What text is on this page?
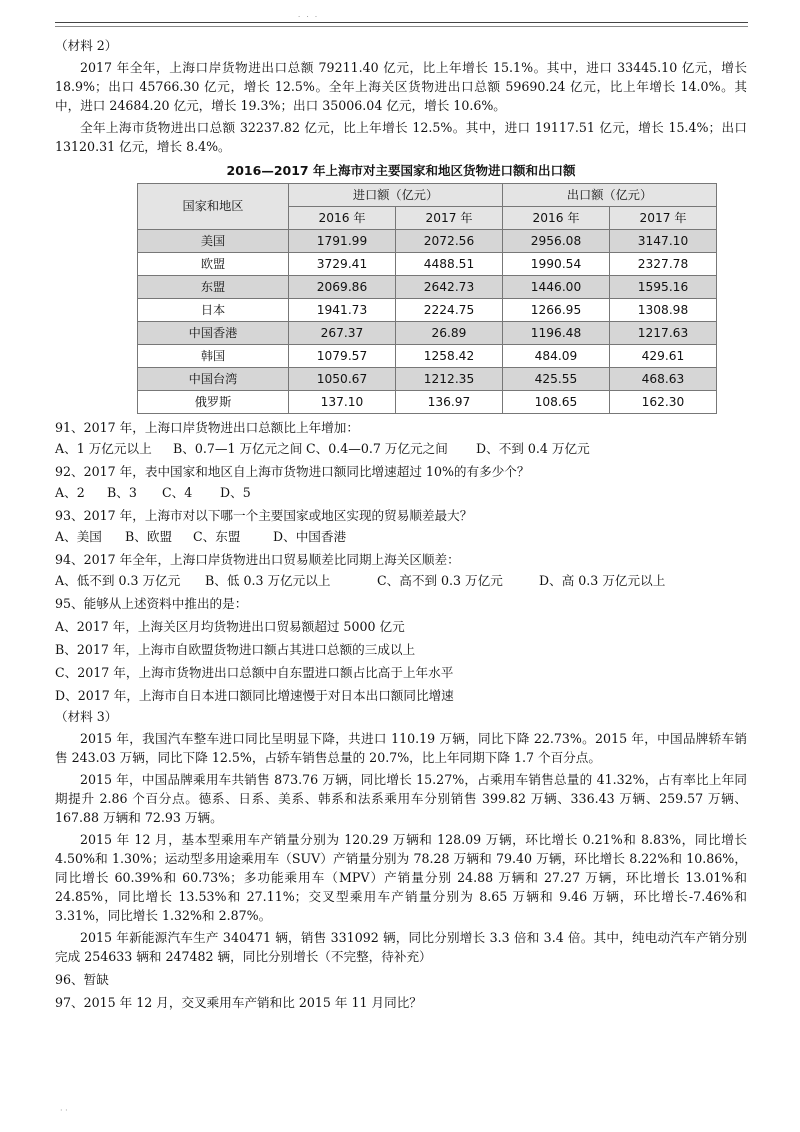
· · ·
（材料 2）

2017 年全年，上海口岸货物进出口总额 79211.40 亿元，比上年增长 15.1%。其中，进口 33445.10 亿元，增长 18.9%；出口 45766.30 亿元，增长 12.5%。全年上海关区货物进出口总额 59690.24 亿元，比上年增长 14.0%。其中，进口 24684.20 亿元，增长 19.3%；出口 35006.04 亿元，增长 10.6%。

全年上海市货物进出口总额 32237.82 亿元，比上年增长 12.5%。其中，进口 19117.51 亿元，增长 15.4%；出口 13120.31 亿元，增长 8.4%。

2016—2017 年上海市对主要国家和地区货物进口额和出口额
国家和地区	进口额（亿元）		出口额（亿元）	
	2016 年	2017 年	2016 年	2017 年
美国	1791.99	2072.56	2956.08	3147.10
欧盟	3729.41	4488.51	1990.54	2327.78
东盟	2069.86	2642.73	1446.00	1595.16
日本	1941.73	2224.75	1266.95	1308.98
中国香港	267.37	26.89	1196.48	1217.63
韩国	1079.57	1258.42	484.09	429.61
中国台湾	1050.67	1212.35	425.55	468.63
俄罗斯	137.10	136.97	108.65	162.30
91、2017 年，上海口岸货物进出口总额比上年增加：
A、1 万亿元以上	B、0.7—1 万亿元之间 C、0.4—0.7 万亿元之间	D、不到 0.4 万亿元
92、2017 年，表中国家和地区自上海市货物进口额同比增速超过 10%的有多少个？
A、2	B、3	C、4	D、5
93、2017 年，上海市对以下哪一个主要国家或地区实现的贸易顺差最大？
A、美国	B、欧盟	C、东盟	D、中国香港
94、2017 年全年，上海口岸货物进出口贸易顺差比同期上海关区顺差：
A、低不到 0.3 万亿元	B、低 0.3 万亿元以上	C、高不到 0.3 万亿元	D、高 0.3 万亿元以上
95、能够从上述资料中推出的是：
A、2017 年，上海关区月均货物进出口贸易额超过 5000 亿元
B、2017 年，上海市自欧盟货物进口额占其进口总额的三成以上
C、2017 年，上海市货物进出口总额中自东盟进口额占比高于上年水平
D、2017 年，上海市自日本进口额同比增速慢于对日本出口额同比增速
（材料 3）

2015 年，我国汽车整车进口同比呈明显下降，共进口 110.19 万辆，同比下降 22.73%。2015 年，中国品牌轿车销售 243.03 万辆，同比下降 12.5%，占轿车销售总量的 20.7%，比上年同期下降 1.7 个百分点。

2015 年，中国品牌乘用车共销售 873.76 万辆，同比增长 15.27%，占乘用车销售总量的 41.32%，占有率比上年同期提升 2.86 个百分点。德系、日系、美系、韩系和法系乘用车分别销售 399.82 万辆、336.43 万辆、259.57 万辆、167.88 万辆和 72.93 万辆。

2015 年 12 月，基本型乘用车产销量分别为 120.29 万辆和 128.09 万辆，环比增长 0.21%和 8.83%，同比增长 4.50%和 1.30%；运动型多用途乘用车（SUV）产销量分别为 78.28 万辆和 79.40 万辆，环比增长 8.22%和 10.86%，同比增长 60.39%和 60.73%；多功能乘用车（MPV）产销量分别 24.88 万辆和 27.27 万辆，环比增长 13.01%和 24.85%，同比增长 13.53%和 27.11%；交叉型乘用车产销量分别为 8.65 万辆和 9.46 万辆，环比增长-7.46%和 3.31%，同比增长 1.32%和 2.87%。

2015 年新能源汽车生产 340471 辆，销售 331092 辆，同比分别增长 3.3 倍和 3.4 倍。其中，纯电动汽车产销分别完成 254633 辆和 247482 辆，同比分别增长（不完整，待补充）

96、暂缺
97、2015 年 12 月，交叉乘用车产销和比 2015 年 11 月同比？
· ·
